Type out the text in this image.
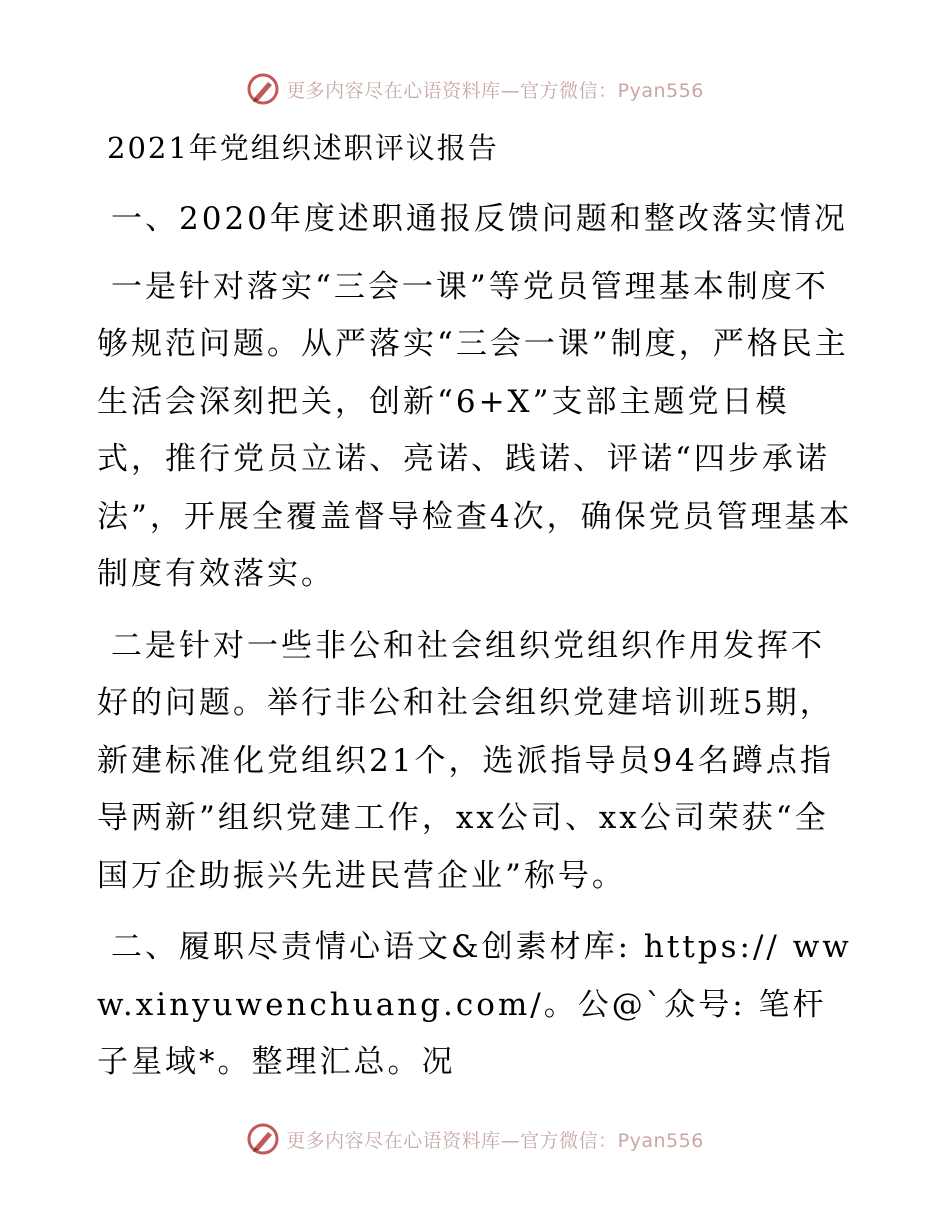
更多内容尽在心语资料库—官方微信：Pyan556
2021年党组织述职评议报告

一、2020年度述职通报反馈问题和整改落实情况

一是针对落实“三会一课”等党员管理基本制度不够规范问题。从严落实“三会一课”制度，严格民主生活会深刻把关，创新“6+X”支部主题党日模式，推行党员立诺、亮诺、践诺、评诺“四步承诺法”，开展全覆盖督导检查4次，确保党员管理基本制度有效落实。

二是针对一些非公和社会组织党组织作用发挥不好的问题。举行非公和社会组织党建培训班5期，新建标准化党组织21个，选派指导员94名蹲点指导两新”组织党建工作，xx公司、xx公司荣获“全国万企助振兴先进民营企业”称号。

二、履职尽责情心语文&创素材库: https:// www.xinyuwenchuang.com/。公@`众号: 笔杆子星域*。整理汇总。况

更多内容尽在心语资料库—官方微信：Pyan556
